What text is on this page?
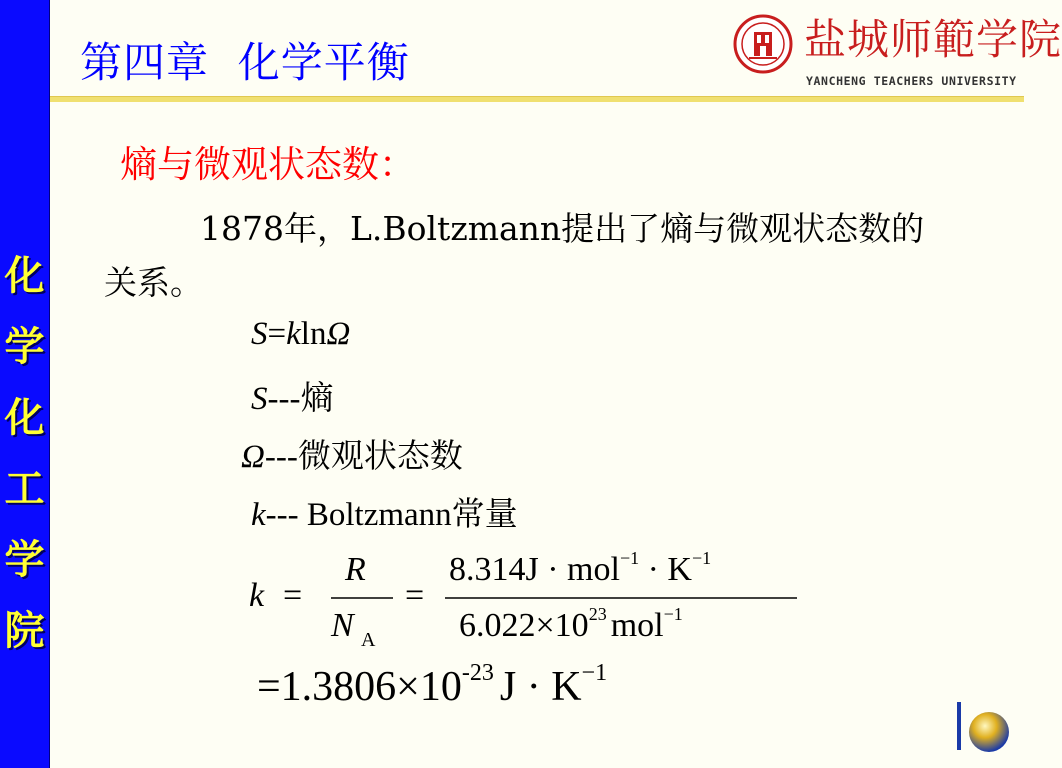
化
学
化
工
学
院
第四章  化学平衡	盐城师範学院
YANCHENG TEACHERS UNIVERSITY
熵与微观状态数：

1878年，L.Boltzmann提出了熵与微观状态数的关系。

S=klnΩ
S---熵
Ω---微观状态数
k--- Boltzmann常量
k =
R
N A
=
$8.314J \cdot mol^{-1} \cdot K^{-1}$
$6.022\times 10^{23}$ mol$^{-1}$
$=1.3806\times 10^{-23}$ $J \cdot K^{-1}$
